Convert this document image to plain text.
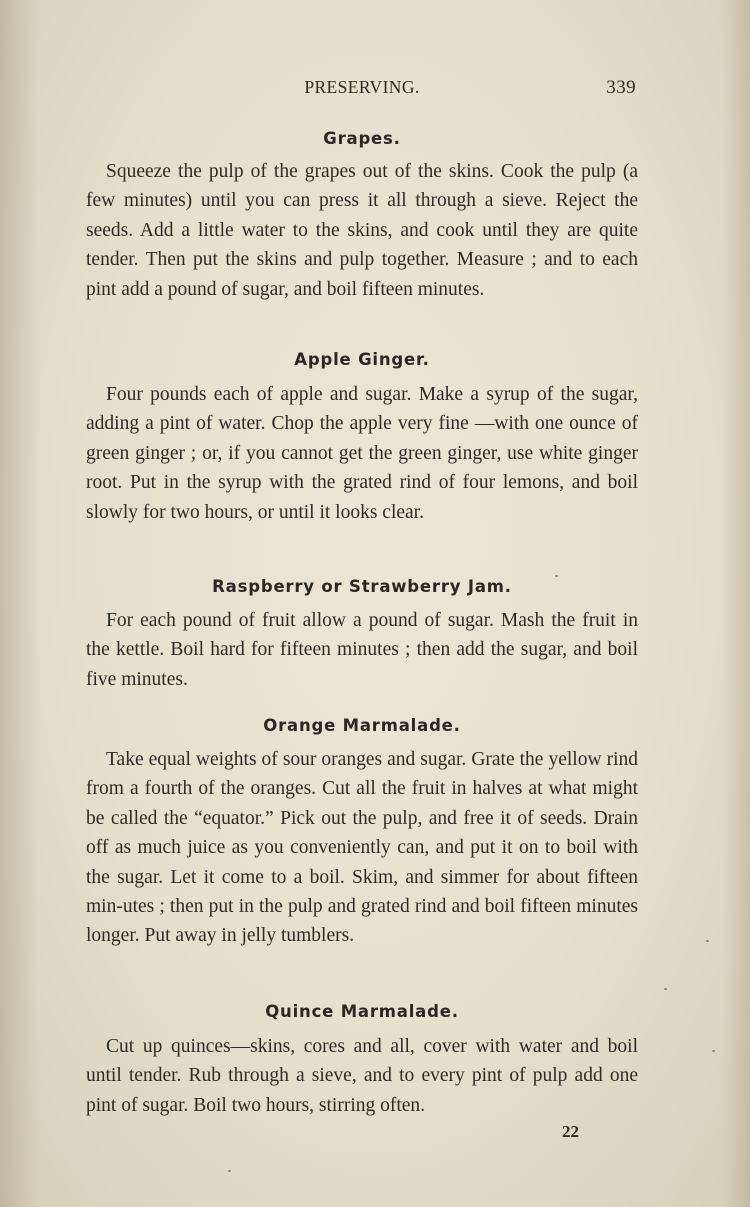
PRESERVING.	339
Grapes.

Squeeze the pulp of the grapes out of the skins. Cook the pulp (a few minutes) until you can press it all through a sieve. Reject the seeds. Add a little water to the skins, and cook until they are quite tender. Then put the skins and pulp together. Measure ; and to each pint add a pound of sugar, and boil fifteen minutes.

Apple Ginger.

Four pounds each of apple and sugar. Make a syrup of the sugar, adding a pint of water. Chop the apple very fine —with one ounce of green ginger ; or, if you cannot get the green ginger, use white ginger root. Put in the syrup with the grated rind of four lemons, and boil slowly for two hours, or until it looks clear.

Raspberry or Strawberry Jam.

For each pound of fruit allow a pound of sugar. Mash the fruit in the kettle. Boil hard for fifteen minutes ; then add the sugar, and boil five minutes.

Orange Marmalade.

Take equal weights of sour oranges and sugar. Grate the yellow rind from a fourth of the oranges. Cut all the fruit in halves at what might be called the “equator.” Pick out the pulp, and free it of seeds. Drain off as much juice as you conveniently can, and put it on to boil with the sugar. Let it come to a boil. Skim, and simmer for about fifteen min-utes ; then put in the pulp and grated rind and boil fifteen minutes longer. Put away in jelly tumblers.

Quince Marmalade.

Cut up quinces—skins, cores and all, cover with water and boil until tender. Rub through a sieve, and to every pint of pulp add one pint of sugar. Boil two hours, stirring often.

22
